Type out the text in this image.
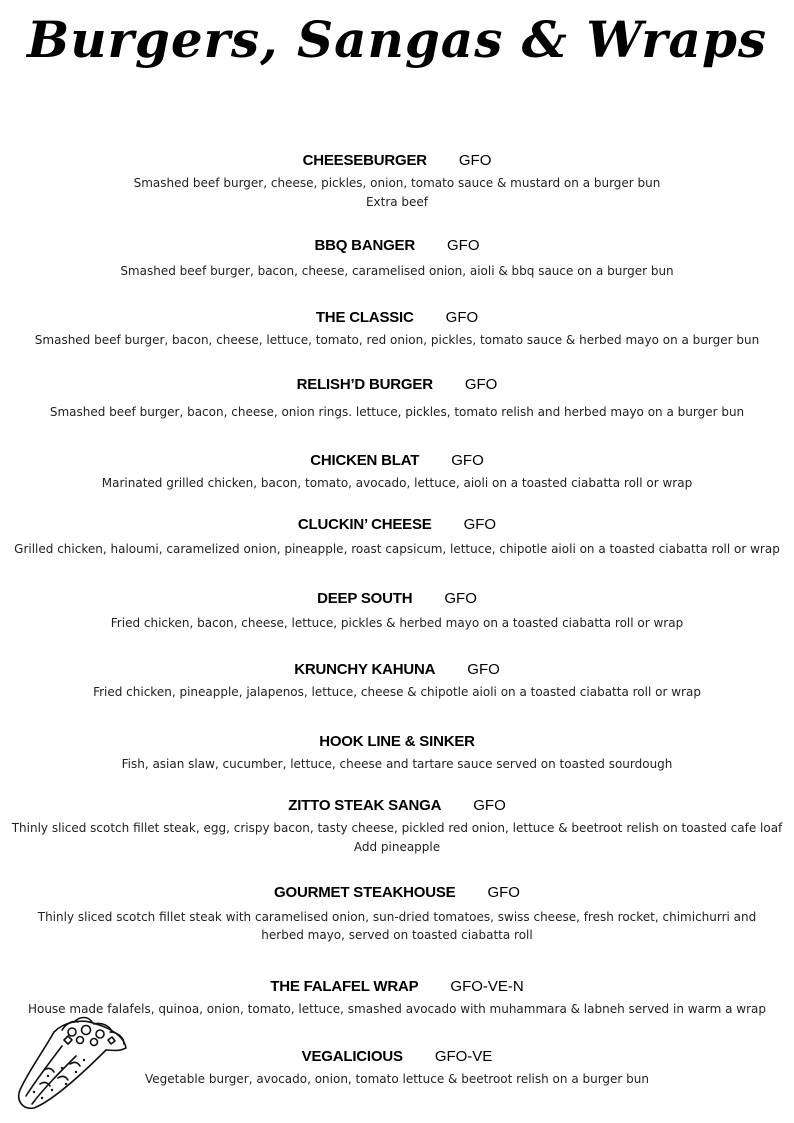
Burgers, Sangas & Wraps
CHEESEBURGER GFO
Smashed beef burger, cheese, pickles, onion, tomato sauce & mustard on a burger bun
Extra beef
BBQ BANGER GFO
Smashed beef burger, bacon, cheese, caramelised onion, aioli & bbq sauce on a burger bun
THE CLASSIC GFO
Smashed beef burger, bacon, cheese, lettuce, tomato, red onion, pickles, tomato sauce & herbed mayo on a burger bun
RELISH’D BURGER GFO
Smashed beef burger, bacon, cheese, onion rings. lettuce, pickles, tomato relish and herbed mayo on a burger bun
CHICKEN BLAT GFO
Marinated grilled chicken, bacon, tomato, avocado, lettuce, aioli on a toasted ciabatta roll or wrap
CLUCKIN’ CHEESE GFO
Grilled chicken, haloumi, caramelized onion, pineapple, roast capsicum, lettuce, chipotle aioli on a toasted ciabatta roll or wrap
DEEP SOUTH GFO
Fried chicken, bacon, cheese, lettuce, pickles & herbed mayo on a toasted ciabatta roll or wrap
KRUNCHY KAHUNA GFO
Fried chicken, pineapple, jalapenos, lettuce, cheese & chipotle aioli on a toasted ciabatta roll or wrap
HOOK LINE & SINKER
Fish, asian slaw, cucumber, lettuce, cheese and tartare sauce served on toasted sourdough
ZITTO STEAK SANGA GFO
Thinly sliced scotch fillet steak, egg, crispy bacon, tasty cheese, pickled red onion, lettuce & beetroot relish on toasted cafe loaf
Add pineapple
GOURMET STEAKHOUSE GFO
Thinly sliced scotch fillet steak with caramelised onion, sun-dried tomatoes, swiss cheese, fresh rocket, chimichurri and herbed mayo, served on toasted ciabatta roll
THE FALAFEL WRAP GFO-VE-N
House made falafels, quinoa, onion, tomato, lettuce, smashed avocado with muhammara & labneh served in warm a wrap
VEGALICIOUS GFO-VE
Vegetable burger, avocado, onion, tomato lettuce & beetroot relish on a burger bun
